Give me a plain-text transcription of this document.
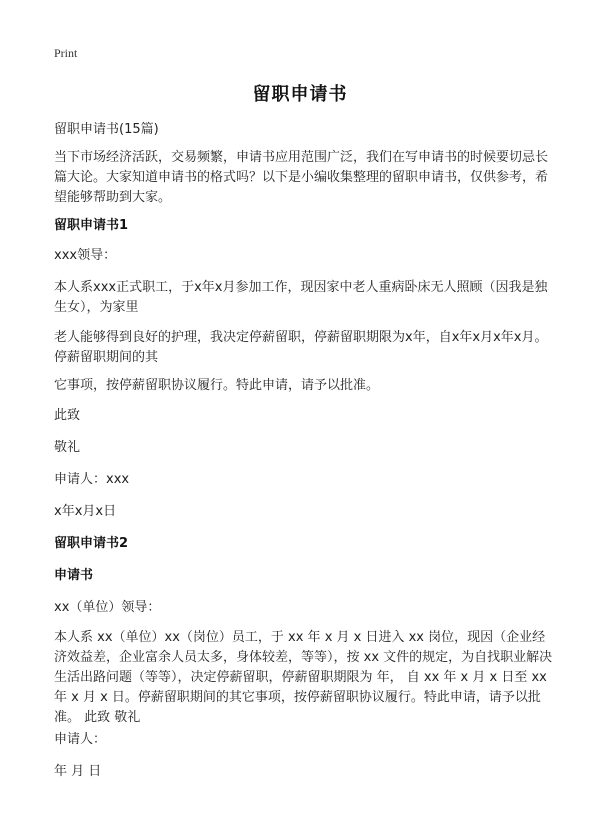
Print
留职申请书
留职申请书(15篇)
当下市场经济活跃，交易频繁，申请书应用范围广泛，我们在写申请书的时候要切忌长篇大论。大家知道申请书的格式吗？以下是小编收集整理的留职申请书，仅供参考，希望能够帮助到大家。
留职申请书1
xxx领导：
本人系xxx正式职工，于x年x月参加工作，现因家中老人重病卧床无人照顾（因我是独生女），为家里
老人能够得到良好的护理，我决定停薪留职，停薪留职期限为x年，自x年x月x年x月。停薪留职期间的其
它事项，按停薪留职协议履行。特此申请，请予以批准。
此致
敬礼
申请人：xxx
x年x月x日
留职申请书2
申请书
xx（单位）领导：
本人系 xx（单位）xx（岗位）员工，于 xx 年 x 月 x 日进入 xx 岗位，现因（企业经济效益差，企业富余人员太多，身体较差，等等），按 xx 文件的规定，为自找职业解决生活出路问题（等等），决定停薪留职，停薪留职期限为 年， 自 xx 年 x 月 x 日至 xx 年 x 月 x 日。停薪留职期间的其它事项，按停薪留职协议履行。特此申请，请予以批准。 此致 敬礼
申请人：
年 月 日
